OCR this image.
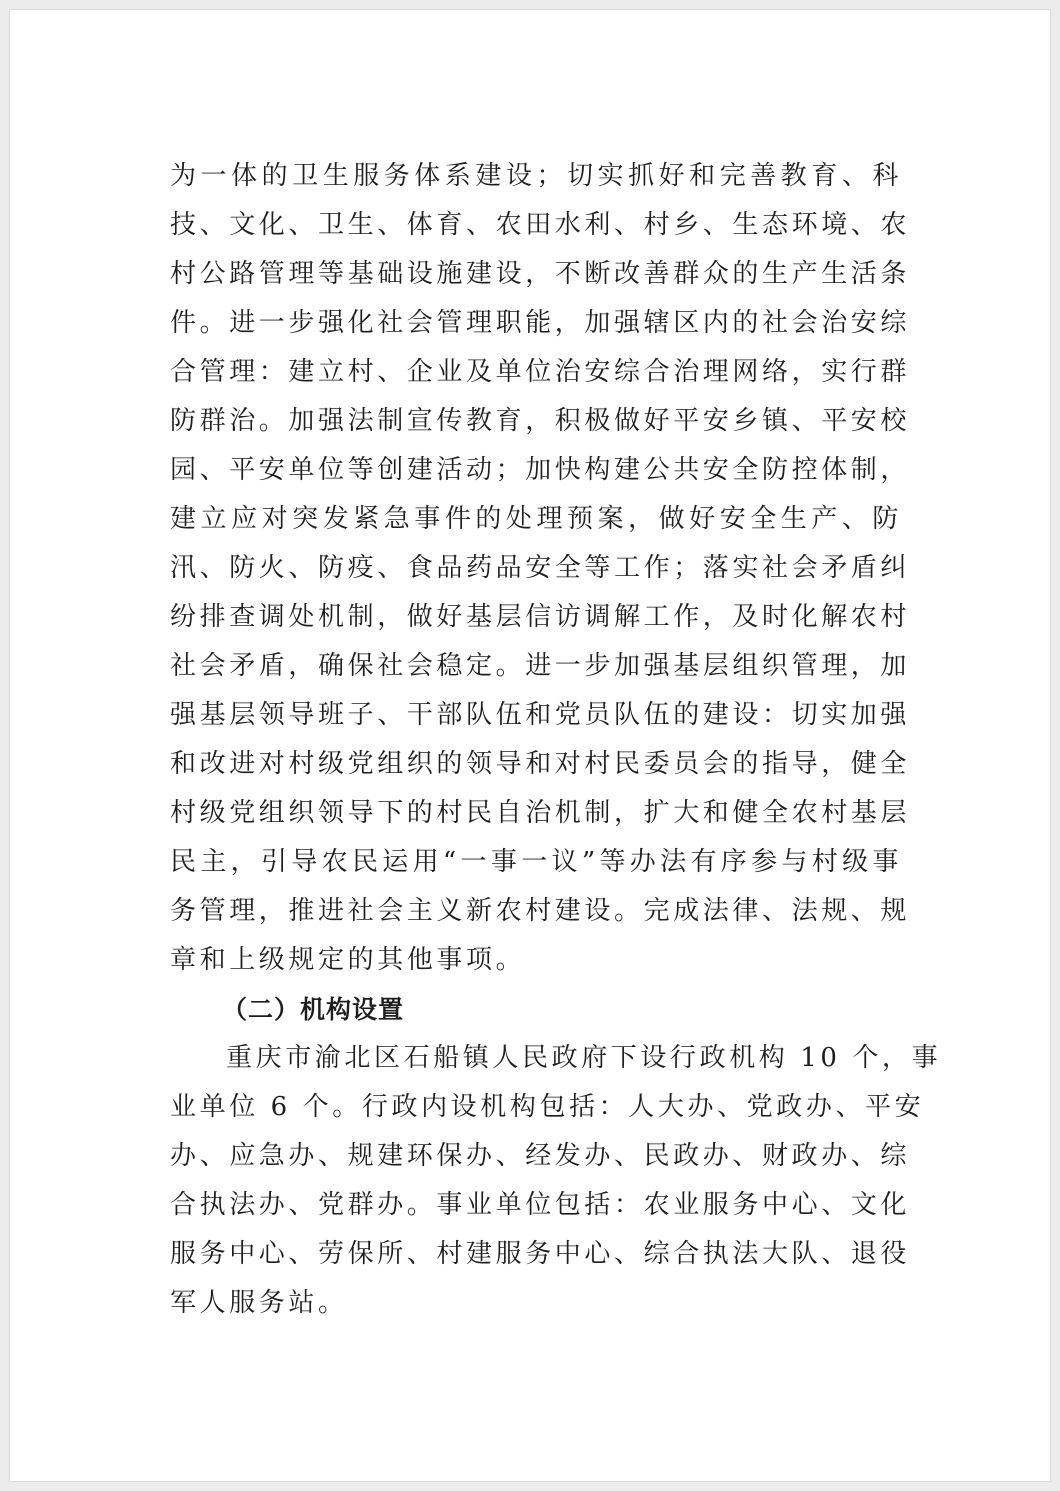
为一体的卫生服务体系建设；切实抓好和完善教育、科
技、文化、卫生、体育、农田水利、村乡、生态环境、农
村公路管理等基础设施建设，不断改善群众的生产生活条
件。进一步强化社会管理职能，加强辖区内的社会治安综
合管理：建立村、企业及单位治安综合治理网络，实行群
防群治。加强法制宣传教育，积极做好平安乡镇、平安校
园、平安单位等创建活动；加快构建公共安全防控体制，
建立应对突发紧急事件的处理预案，做好安全生产、防
汛、防火、防疫、食品药品安全等工作；落实社会矛盾纠
纷排查调处机制，做好基层信访调解工作，及时化解农村
社会矛盾，确保社会稳定。进一步加强基层组织管理，加
强基层领导班子、干部队伍和党员队伍的建设：切实加强
和改进对村级党组织的领导和对村民委员会的指导，健全
村级党组织领导下的村民自治机制，扩大和健全农村基层
民主，引导农民运用“一事一议”等办法有序参与村级事
务管理，推进社会主义新农村建设。完成法律、法规、规
章和上级规定的其他事项。
（二）机构设置
重庆市渝北区石船镇人民政府下设行政机构 10 个，事
业单位 6 个。行政内设机构包括：人大办、党政办、平安
办、应急办、规建环保办、经发办、民政办、财政办、综
合执法办、党群办。事业单位包括：农业服务中心、文化
服务中心、劳保所、村建服务中心、综合执法大队、退役
军人服务站。
